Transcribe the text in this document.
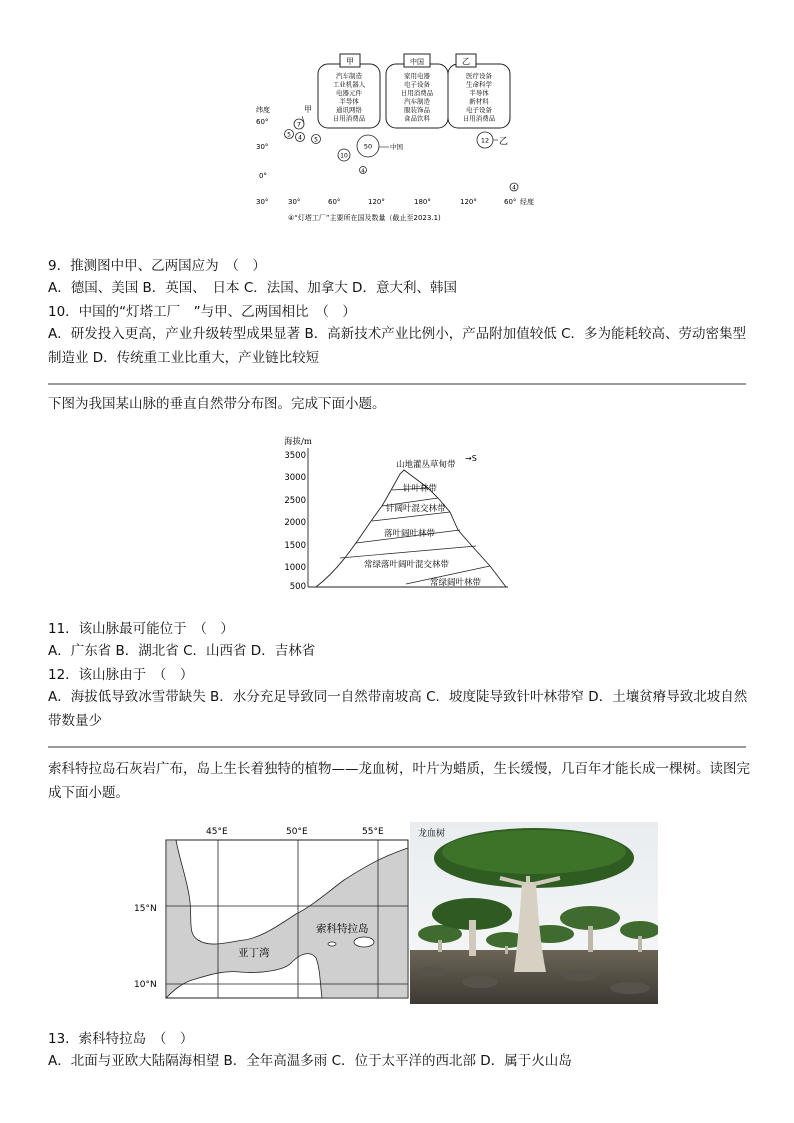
甲
汽车制造
工业机器人
电器元件
半导体
通讯网络
日用消费品
中国
家用电器
电子设备
日用消费品
汽车制造
服装饰品
食品饮料
乙
医疗设备
生命科学
半导体
新材料
电子设备
日用消费品
纬度
60°
30°
0°
30°	30°	60°	120°	180°	120°	60° 经度
甲
7
5 4 5
10
4
50	中国
12 乙
4
④“灯塔工厂”主要所在国及数量（截止至2023.1)
9．推测图中甲、乙两国应为　（　）
A．德国、美国 B．英国、　日本 C．法国、加拿大 D．意大利、韩国
10．中国的“灯塔工厂　”与甲、乙两国相比　（　）
A．研发投入更高，产业升级转型成果显著 B．高新技术产业比例小，产品附加值较低 C．多为能耗较高、劳动密集型制造业 D．传统重工业比重大，产业链比较短
下图为我国某山脉的垂直自然带分布图。完成下面小题。
海拔/m
3500
3000
2500
2000
1500
1000
500
山地灌丛草甸带
→S
针叶林带
针阔叶混交林带
落叶阔叶林带
常绿落叶阔叶混交林带
常绿阔叶林带
11．该山脉最可能位于　（　）
A．广东省 B．湖北省 C．山西省 D．吉林省
12．该山脉由于　（　）
A．海拔低导致冰雪带缺失 B．水分充足导致同一自然带南坡高 C．坡度陡导致针叶林带窄 D．土壤贫瘠导致北坡自然带数量少
索科特拉岛石灰岩广布，岛上生长着独特的植物——龙血树，叶片为蜡质，生长缓慢，几百年才能长成一棵树。读图完成下面小题。
45°E	50°E	55°E
15°N
10°N
亚丁湾
索科特拉岛
龙血树
13．索科特拉岛　（　）
A．北面与亚欧大陆隔海相望 B．全年高温多雨 C．位于太平洋的西北部 D．属于火山岛
